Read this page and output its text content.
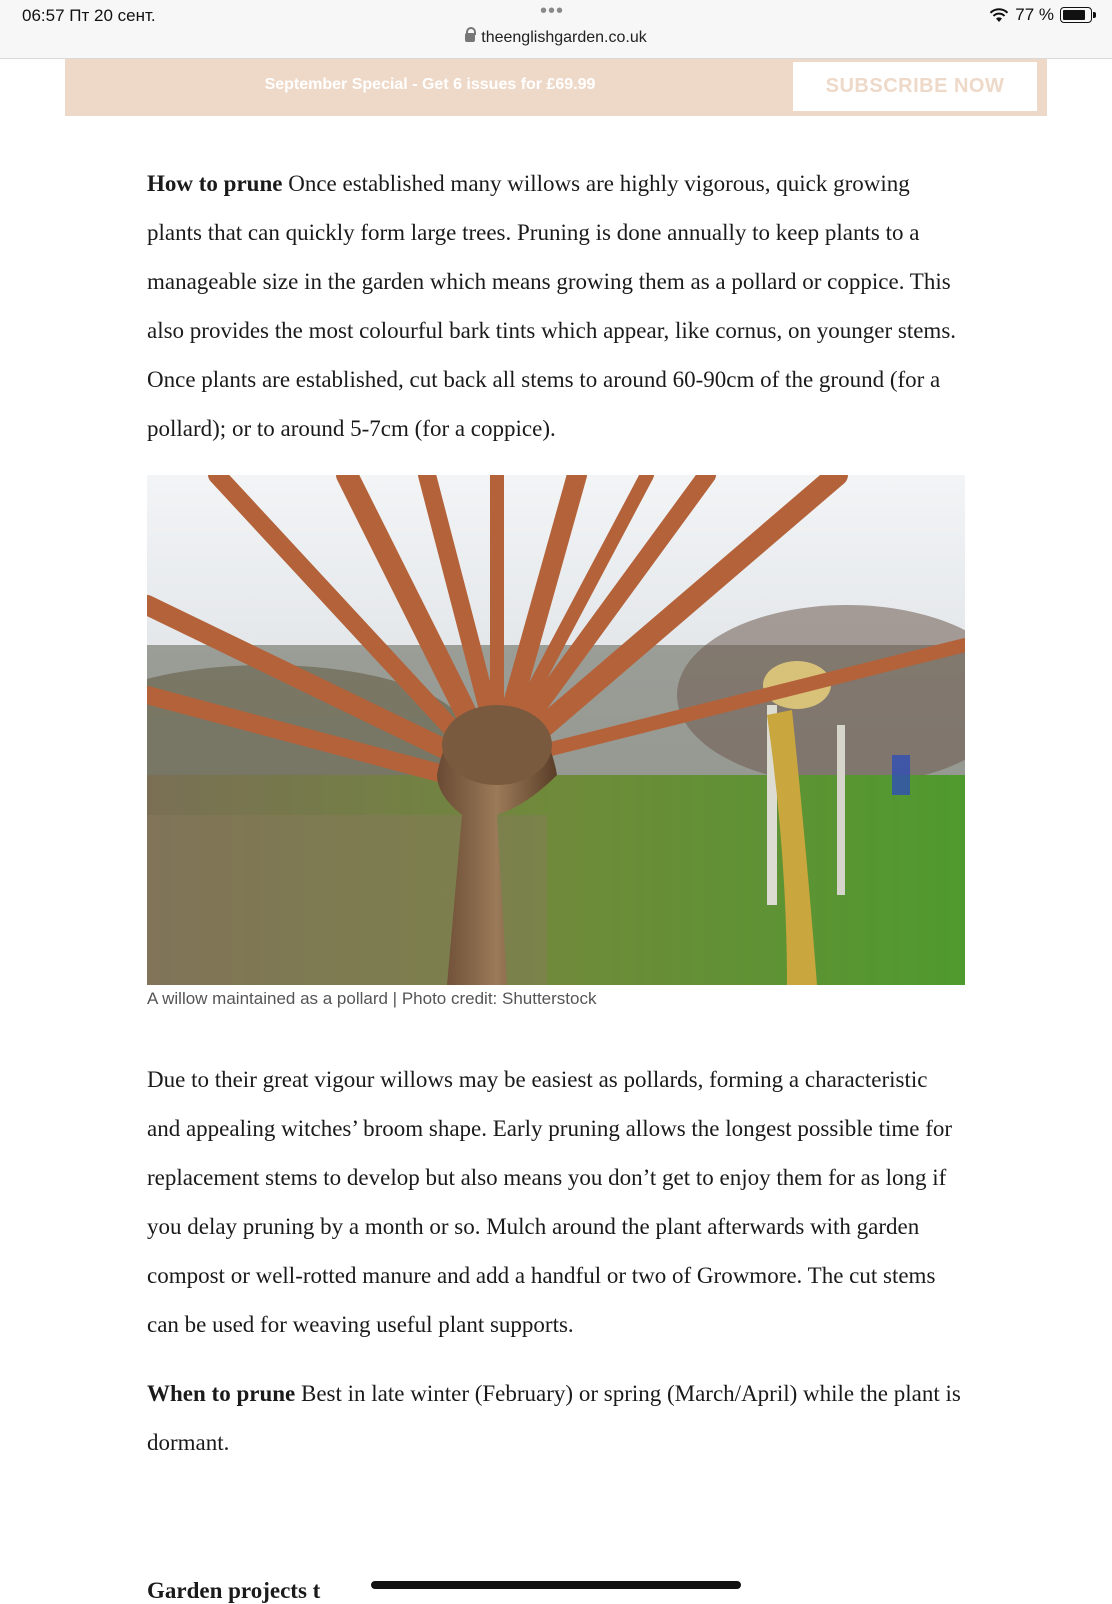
06:57 Пт 20 сент.	•••
theenglishgarden.co.uk
77 %
September Special - Get 6 issues for £69.99	SUBSCRIBE NOW

How to prune Once established many willows are highly vigorous, quick growing plants that can quickly form large trees. Pruning is done annually to keep plants to a manageable size in the garden which means growing them as a pollard or coppice. This also provides the most colourful bark tints which appear, like cornus, on younger stems. Once plants are established, cut back all stems to around 60-90cm of the ground (for a pollard); or to around 5-7cm (for a coppice).

A willow maintained as a pollard | Photo credit: Shutterstock

Due to their great vigour willows may be easiest as pollards, forming a characteristic and appealing witches’ broom shape. Early pruning allows the longest possible time for replacement stems to develop but also means you don’t get to enjoy them for as long if you delay pruning by a month or so. Mulch around the plant afterwards with garden compost or well-rotted manure and add a handful or two of Growmore. The cut stems can be used for weaving useful plant supports.

When to prune Best in late winter (February) or spring (March/April) while the plant is dormant.

Garden projects t
